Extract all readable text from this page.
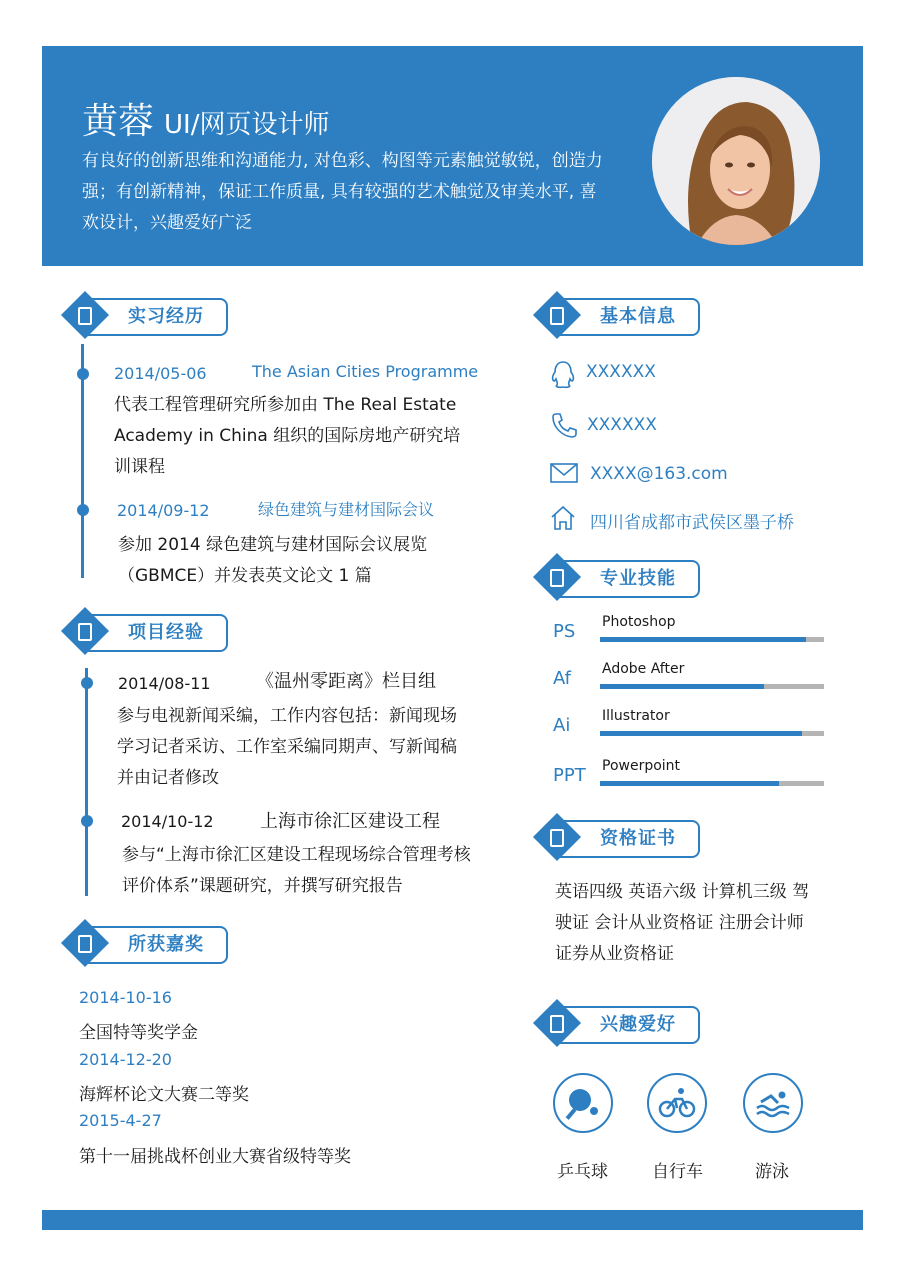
黄蓉 UI/网页设计师
有良好的创新思维和沟通能力, 对色彩、构图等元素触觉敏锐，创造力强；有创新精神，保证工作质量, 具有较强的艺术触觉及审美水平, 喜欢设计，兴趣爱好广泛
实习经历
2014/05-06	The Asian Cities Programme
代表工程管理研究所参加由 The Real Estate Academy in China 组织的国际房地产研究培训课程
2014/09-12	绿色建筑与建材国际会议
参加 2014 绿色建筑与建材国际会议展览（GBMCE）并发表英文论文 1 篇
项目经验
2014/08-11	《温州零距离》栏目组
参与电视新闻采编，工作内容包括：新闻现场学习记者采访、工作室采编同期声、写新闻稿并由记者修改
2014/10-12	上海市徐汇区建设工程
参与“上海市徐汇区建设工程现场综合管理考核评价体系”课题研究，并撰写研究报告
所获嘉奖
2014-10-16
全国特等奖学金
2014-12-20
海辉杯论文大赛二等奖
2015-4-27
第十一届挑战杯创业大赛省级特等奖
基本信息
XXXXXX
XXXXXX
XXXX@163.com
四川省成都市武侯区墨子桥
专业技能
PS Photoshop
Af Adobe After
Ai Illustrator
PPT Powerpoint
资格证书
英语四级 英语六级 计算机三级 驾驶证 会计从业资格证 注册会计师 证券从业资格证
兴趣爱好
乒乓球	自行车	游泳
